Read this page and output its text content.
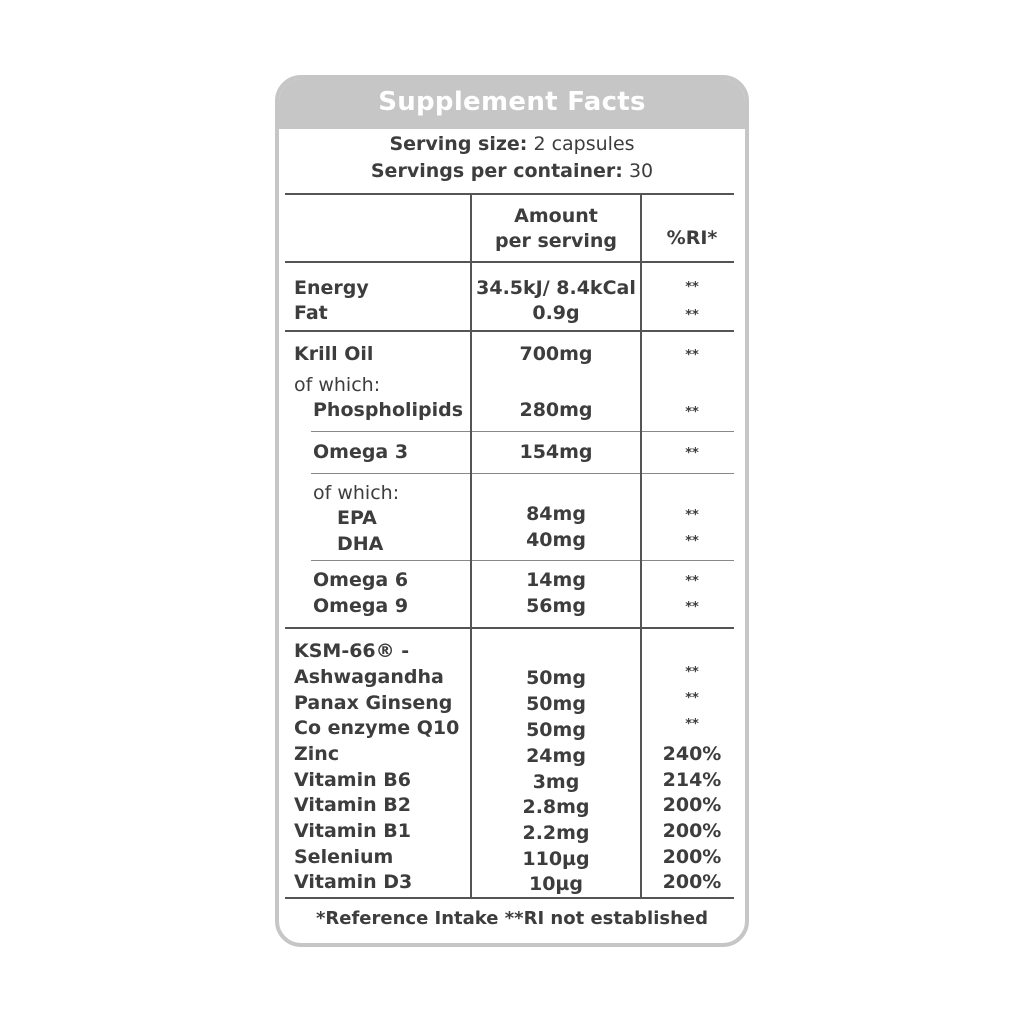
Supplement Facts
Serving size: 2 capsules
Servings per container: 30
Amount
per serving	%RI*
Energy	34.5kJ/ 8.4kCal	**
Fat	0.9g	**
Krill Oil	700mg	**
of which:
Phospholipids	280mg	**
Omega 3	154mg	**
of which:
EPA	84mg	**
DHA	40mg	**
Omega 6	14mg	**
Omega 9	56mg	**
KSM-66® -
Ashwagandha	50mg	**
Panax Ginseng	50mg	**
Co enzyme Q10	50mg	**
Zinc	24mg	240%
Vitamin B6	3mg	214%
Vitamin B2	2.8mg	200%
Vitamin B1	2.2mg	200%
Selenium	110µg	200%
Vitamin D3	10µg	200%
*Reference Intake **RI not established
